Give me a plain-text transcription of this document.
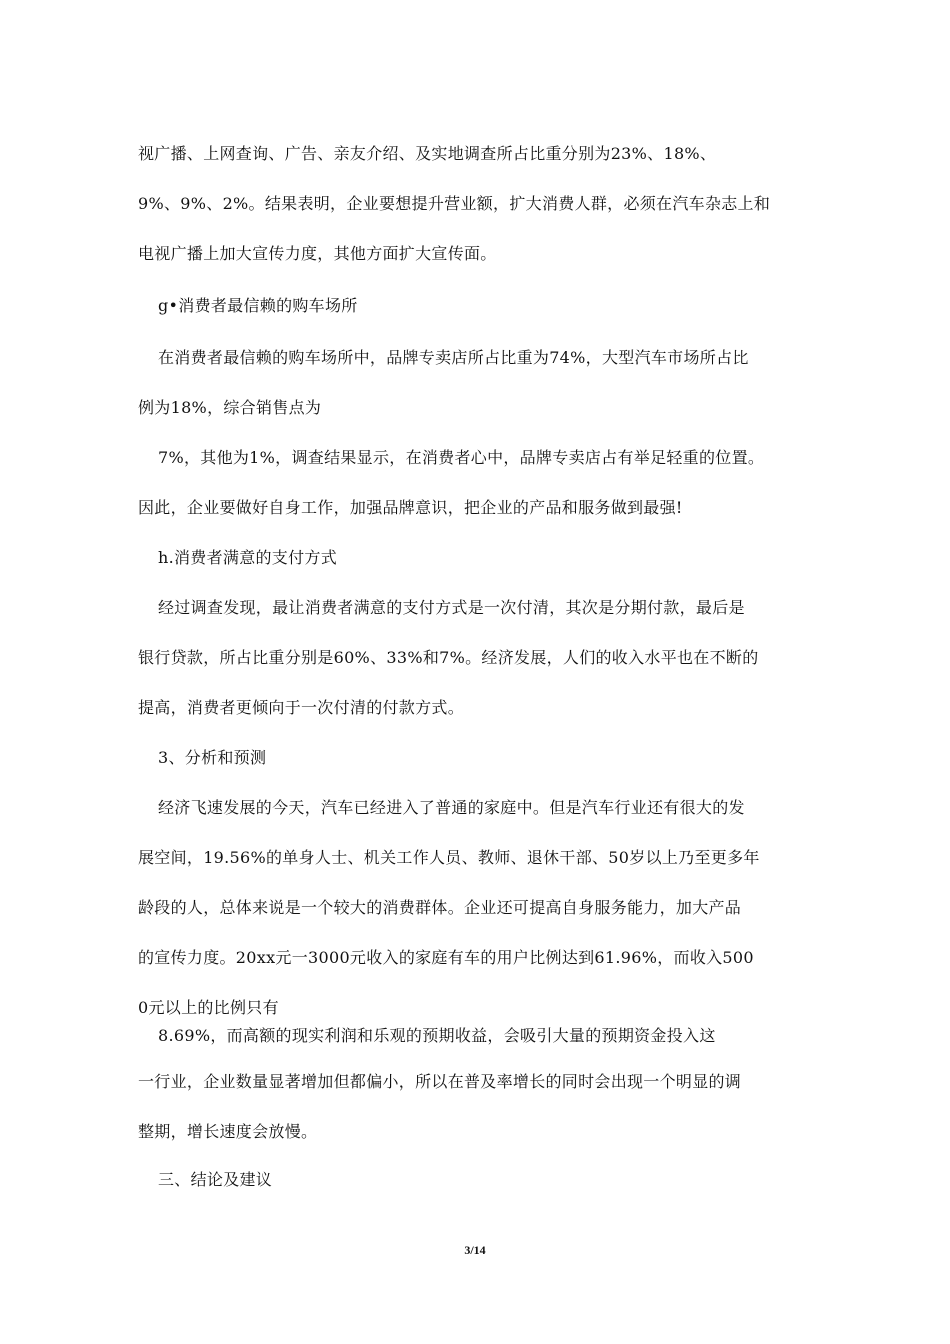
视广播、上网查询、广告、亲友介绍、及实地调查所占比重分别为23%、18%、
9%、9%、2%。结果表明，企业要想提升营业额，扩大消费人群，必须在汽车杂志上和
电视广播上加大宣传力度，其他方面扩大宣传面。
g•消费者最信赖的购车场所
在消费者最信赖的购车场所中，品牌专卖店所占比重为74%，大型汽车市场所占比
例为18%，综合销售点为
7%，其他为1%，调查结果显示，在消费者心中，品牌专卖店占有举足轻重的位置。
因此，企业要做好自身工作，加强品牌意识，把企业的产品和服务做到最强!
h.消费者满意的支付方式
经过调查发现，最让消费者满意的支付方式是一次付清，其次是分期付款，最后是
银行贷款，所占比重分别是60%、33%和7%。经济发展，人们的收入水平也在不断的
提高，消费者更倾向于一次付清的付款方式。
3、分析和预测
经济飞速发展的今天，汽车已经进入了普通的家庭中。但是汽车行业还有很大的发
展空间，19.56%的单身人士、机关工作人员、教师、退休干部、50岁以上乃至更多年
龄段的人，总体来说是一个较大的消费群体。企业还可提高自身服务能力，加大产品
的宣传力度。20xx元一3000元收入的家庭有车的用户比例达到61.96%，而收入500
0元以上的比例只有
8.69%，而高额的现实利润和乐观的预期收益，会吸引大量的预期资金投入这
一行业，企业数量显著增加但都偏小，所以在普及率增长的同时会出现一个明显的调
整期，增长速度会放慢。
三、结论及建议
3/14
